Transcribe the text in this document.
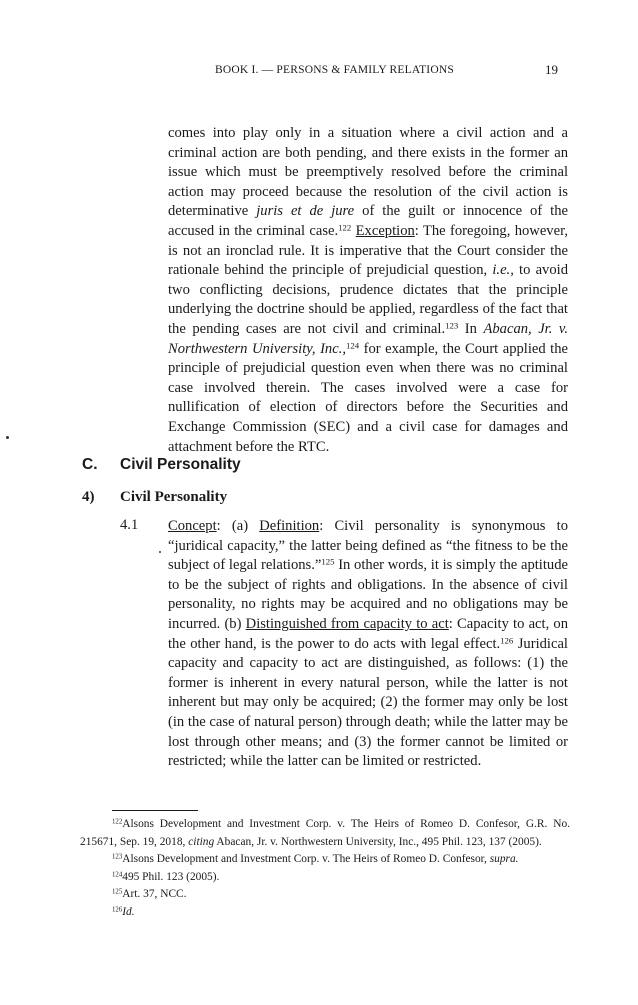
BOOK I. — PERSONS & FAMILY RELATIONS	19
comes into play only in a situation where a civil action and a criminal action are both pending, and there exists in the former an issue which must be preemptively resolved before the criminal action may proceed because the resolution of the civil action is determinative juris et de jure of the guilt or innocence of the accused in the criminal case.$^{122}$ Exception: The foregoing, however, is not an ironclad rule. It is imperative that the Court consider the rationale behind the principle of prejudicial question, i.e., to avoid two conflicting decisions, prudence dictates that the principle underlying the doctrine should be applied, regardless of the fact that the pending cases are not civil and criminal.$^{123}$ In Abacan, Jr. v. Northwestern University, Inc.,$^{124}$ for example, the Court applied the principle of prejudicial question even when there was no criminal case involved therein. The cases involved were a case for nullification of election of directors before the Securities and Exchange Commission (SEC) and a civil case for damages and attachment before the RTC.
C. Civil Personality
4) Civil Personality
4.1 Concept: (a) Definition: Civil personality is synonymous to “juridical capacity,” the latter being defined as “the fitness to be the subject of legal relations.”$^{125}$ In other words, it is simply the aptitude to be the subject of rights and obligations. In the absence of civil personality, no rights may be acquired and no obligations may be incurred. (b) Distinguished from capacity to act: Capacity to act, on the other hand, is the power to do acts with legal effect.$^{126}$ Juridical capacity and capacity to act are distinguished, as follows: (1) the former is inherent in every natural person, while the latter is not inherent but may only be acquired; (2) the former may only be lost (in the case of natural person) through death; while the latter may be lost through other means; and (3) the former cannot be limited or restricted; while the latter can be limited or restricted.

$^{122}$Alsons Development and Investment Corp. v. The Heirs of Romeo D. Confesor, G.R. No. 215671, Sep. 19, 2018, citing Abacan, Jr. v. Northwestern University, Inc., 495 Phil. 123, 137 (2005).

$^{123}$Alsons Development and Investment Corp. v. The Heirs of Romeo D. Confesor, supra.

$^{124}$495 Phil. 123 (2005).

$^{125}$Art. 37, NCC.

$^{126}$Id.
